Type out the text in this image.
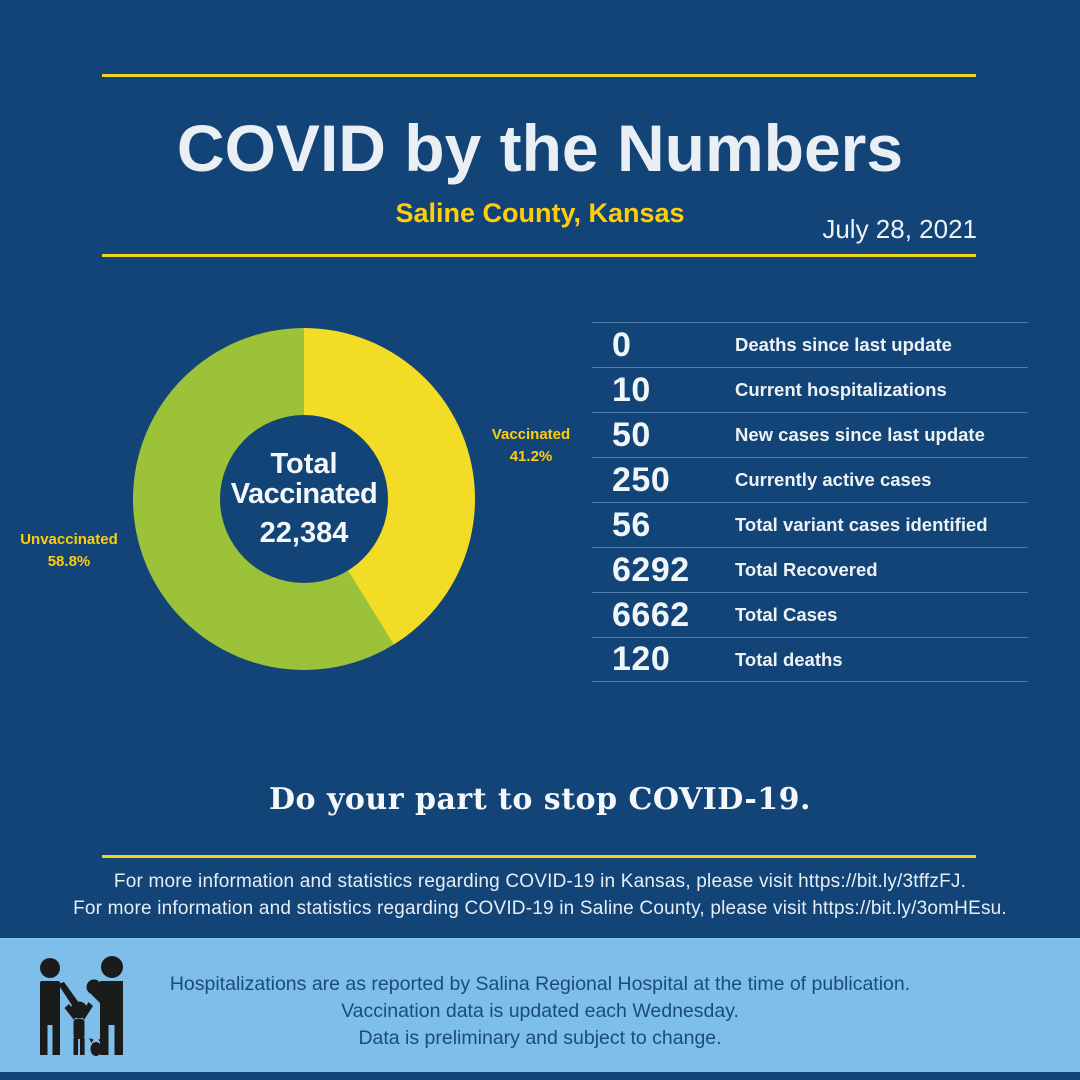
COVID by the Numbers
Saline County, Kansas
July 28, 2021
Total
Vaccinated
22,384
Vaccinated
41.2%
Unvaccinated
58.8%
0	Deaths since last update
10	Current hospitalizations
50	New cases since last update
250	Currently active cases
56	Total variant cases identified
6292	Total Recovered
6662	Total Cases
120	Total deaths
Do your part to stop COVID-19.
For more information and statistics regarding COVID-19 in Kansas, please visit https://bit.ly/3tffzFJ.
For more information and statistics regarding COVID-19 in Saline County, please visit https://bit.ly/3omHEsu.
Hospitalizations are as reported by Salina Regional Hospital at the time of publication.
Vaccination data is updated each Wednesday.
Data is preliminary and subject to change.
